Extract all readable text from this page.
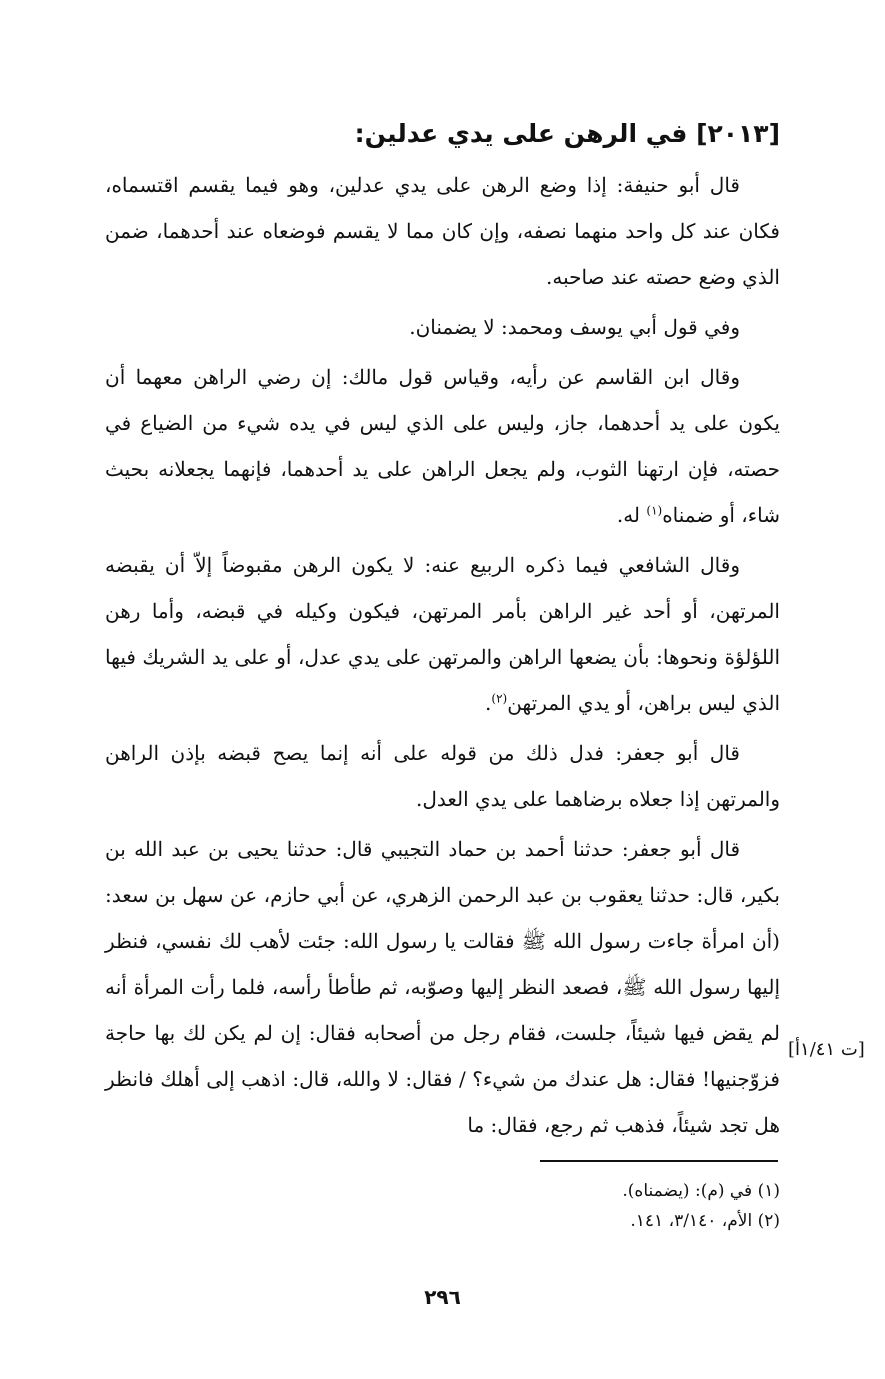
[٢٠١٣] في الرهن على يدي عدلين:

قال أبو حنيفة: إذا وضع الرهن على يدي عدلين، وهو فيما يقسم اقتسماه، فكان عند كل واحد منهما نصفه، وإن كان مما لا يقسم فوضعاه عند أحدهما، ضمن الذي وضع حصته عند صاحبه.

وفي قول أبي يوسف ومحمد: لا يضمنان.

وقال ابن القاسم عن رأيه، وقياس قول مالك: إن رضي الراهن معهما أن يكون على يد أحدهما، جاز، وليس على الذي ليس في يده شيء من الضياع في حصته، فإن ارتهنا الثوب، ولم يجعل الراهن على يد أحدهما، فإنهما يجعلانه بحيث شاء، أو ضمناه$^{(١)}$ له.

وقال الشافعي فيما ذكره الربيع عنه: لا يكون الرهن مقبوضاً إلاّ أن يقبضه المرتهن، أو أحد غير الراهن بأمر المرتهن، فيكون وكيله في قبضه، وأما رهن اللؤلؤة ونحوها: بأن يضعها الراهن والمرتهن على يدي عدل، أو على يد الشريك فيها الذي ليس براهن، أو يدي المرتهن$^{(٢)}$.

قال أبو جعفر: فدل ذلك من قوله على أنه إنما يصح قبضه بإذن الراهن والمرتهن إذا جعلاه برضاهما على يدي العدل.

قال أبو جعفر: حدثنا أحمد بن حماد التجيبي قال: حدثنا يحيى بن عبد الله بن بكير، قال: حدثنا يعقوب بن عبد الرحمن الزهري، عن أبي حازم، عن سهل بن سعد: (أن امرأة جاءت رسول الله ﷺ فقالت يا رسول الله: جئت لأهب لك نفسي، فنظر إليها رسول الله ﷺ، فصعد النظر إليها وصوّبه، ثم طأطأ رأسه، فلما رأت المرأة أنه لم يقض فيها شيئاً، جلست، فقام رجل من أصحابه فقال: إن لم يكن لك بها حاجة فزوّجنيها! فقال: هل عندك من شيء؟ / فقال: لا والله، قال: اذهب إلى أهلك فانظر هل تجد شيئاً، فذهب ثم رجع، فقال: ما

[ت ١/٤١أ]

(١) في (م): (يضمناه).

(٢) الأم، ٣/١٤٠، ١٤١.

٢٩٦
